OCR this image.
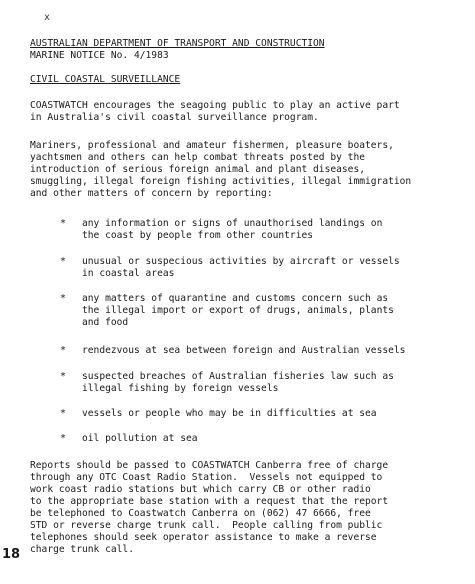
x
AUSTRALIAN DEPARTMENT OF TRANSPORT AND CONSTRUCTION
MARINE NOTICE No. 4/1983
CIVIL COASTAL SURVEILLANCE
COASTWATCH encourages the seagoing public to play an active part
in Australia's civil coastal surveillance program.
Mariners, professional and amateur fishermen, pleasure boaters,
yachtsmen and others can help combat threats posted by the
introduction of serious foreign animal and plant diseases,
smuggling, illegal foreign fishing activities, illegal immigration
and other matters of concern by reporting:
* any information or signs of unauthorised landings on
the coast by people from other countries
* unusual or suspecious activities by aircraft or vessels
in coastal areas
* any matters of quarantine and customs concern such as
the illegal import or export of drugs, animals, plants
and food
* rendezvous at sea between foreign and Australian vessels
* suspected breaches of Australian fisheries law such as
illegal fishing by foreign vessels
* vessels or people who may be in difficulties at sea
* oil pollution at sea
Reports should be passed to COASTWATCH Canberra free of charge
through any OTC Coast Radio Station.  Vessels not equipped to
work coast radio stations but which carry CB or other radio
to the appropriate base station with a request that the report
be telephoned to Coastwatch Canberra on (062) 47 6666, free
STD or reverse charge trunk call.  People calling from public
telephones should seek operator assistance to make a reverse
charge trunk call.
18
